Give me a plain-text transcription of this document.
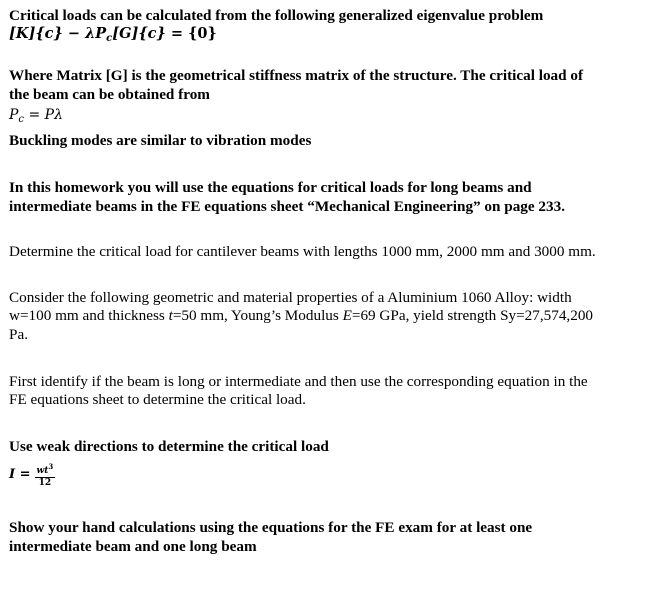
Critical loads can be calculated from the following generalized eigenvalue problem
$[K]\{c\} - \lambda P_c[G]\{c\} = \{0\}$
Where Matrix [G] is the geometrical stiffness matrix of the structure. The critical load of
the beam can be obtained from
$P_c = P\lambda$
Buckling modes are similar to vibration modes
In this homework you will use the equations for critical loads for long beams and
intermediate beams in the FE equations sheet “Mechanical Engineering” on page 233.
Determine the critical load for cantilever beams with lengths 1000 mm, 2000 mm and 3000 mm.
Consider the following geometric and material properties of a Aluminium 1060 Alloy: width
w=100 mm and thickness t=50 mm, Young’s Modulus E=69 GPa, yield strength Sy=27,574,200
Pa.
First identify if the beam is long or intermediate and then use the corresponding equation in the
FE equations sheet to determine the critical load.
Use weak directions to determine the critical load
$I = \frac{wt^3}{12}$
Show your hand calculations using the equations for the FE exam for at least one
intermediate beam and one long beam
